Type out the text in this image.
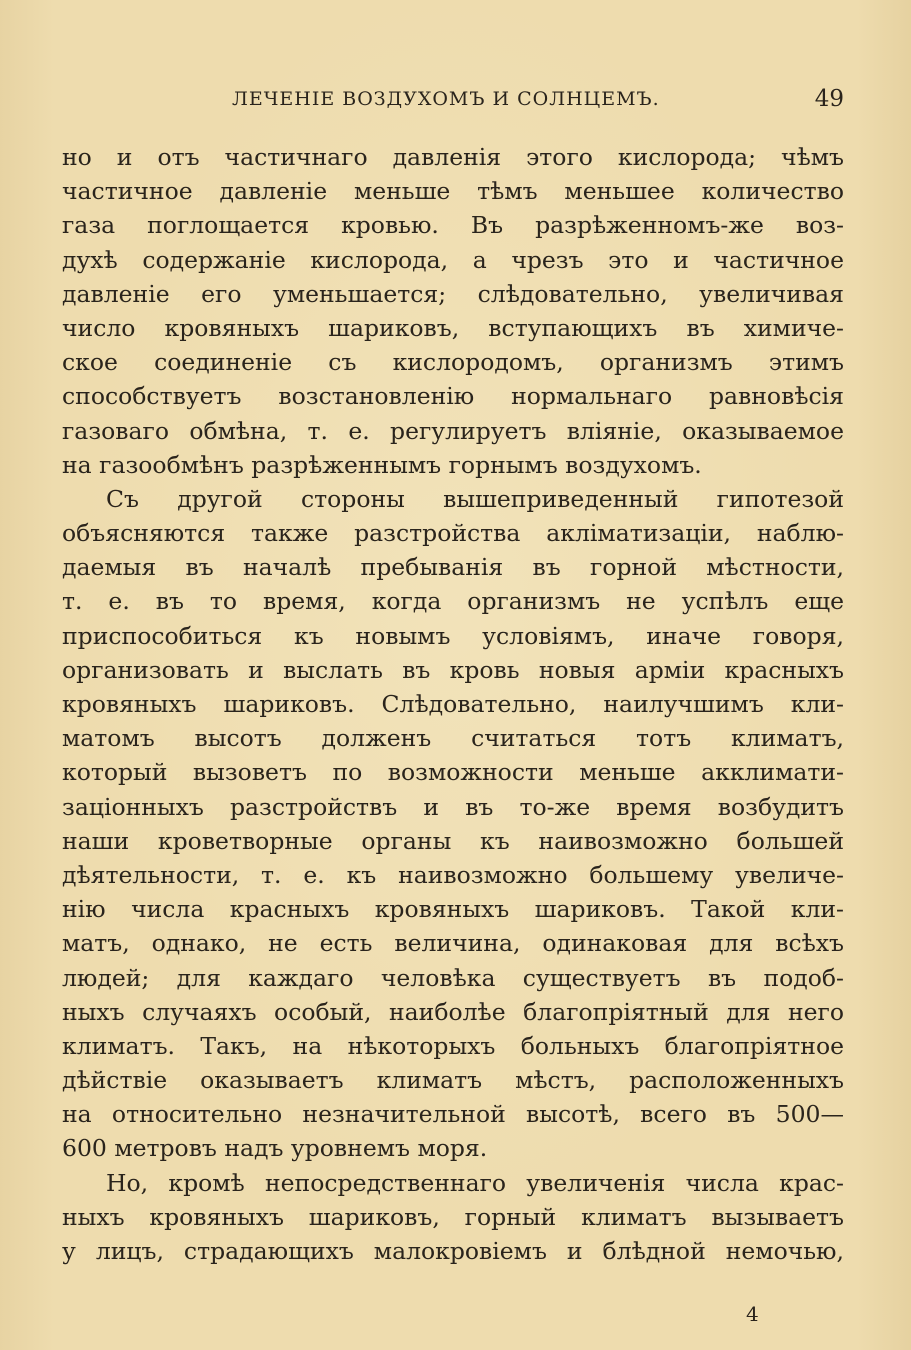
ЛЕЧЕНІЕ ВОЗДУХОМЪ И СОЛНЦЕМЪ.	49
но и отъ частичнаго давленія этого кислорода; чѣмъ
частичное давленіе меньше тѣмъ меньшее количество
газа поглощается кровью. Въ разрѣженномъ-же воз-
духѣ содержаніе кислорода, а чрезъ это и частичное
давленіе его уменьшается; слѣдовательно, увеличивая
число кровяныхъ шариковъ, вступающихъ въ химиче-
ское соединеніе съ кислородомъ, организмъ этимъ
способствуетъ возстановленію нормальнаго равновѣсія
газоваго обмѣна, т. е. регулируетъ вліяніе, оказываемое
на газообмѣнъ разрѣженнымъ горнымъ воздухомъ.
Съ другой стороны вышеприведенный гипотезой
объясняются также разстройства акліматизаціи, наблю-
даемыя въ началѣ пребыванія въ горной мѣстности,
т. е. въ то время, когда организмъ не успѣлъ еще
приспособиться къ новымъ условіямъ, иначе говоря,
организовать и выслать въ кровь новыя арміи красныхъ
кровяныхъ шариковъ. Слѣдовательно, наилучшимъ кли-
матомъ высотъ долженъ считаться тотъ климатъ,
который вызоветъ по возможности меньше акклимати-
заціонныхъ разстройствъ и въ то-же время возбудитъ
наши кроветворные органы къ наивозможно большей
дѣятельности, т. е. къ наивозможно большему увеличе-
нію числа красныхъ кровяныхъ шариковъ. Такой кли-
матъ, однако, не есть величина, одинаковая для всѣхъ
людей; для каждаго человѣка существуетъ въ подоб-
ныхъ случаяхъ особый, наиболѣе благопріятный для него
климатъ. Такъ, на нѣкоторыхъ больныхъ благопріятное
дѣйствіе оказываетъ климатъ мѣстъ, расположенныхъ
на относительно незначительной высотѣ, всего въ 500—
600 метровъ надъ уровнемъ моря.
Но, кромѣ непосредственнаго увеличенія числа крас-
ныхъ кровяныхъ шариковъ, горный климатъ вызываетъ
у лицъ, страдающихъ малокровіемъ и блѣдной немочью,
4
